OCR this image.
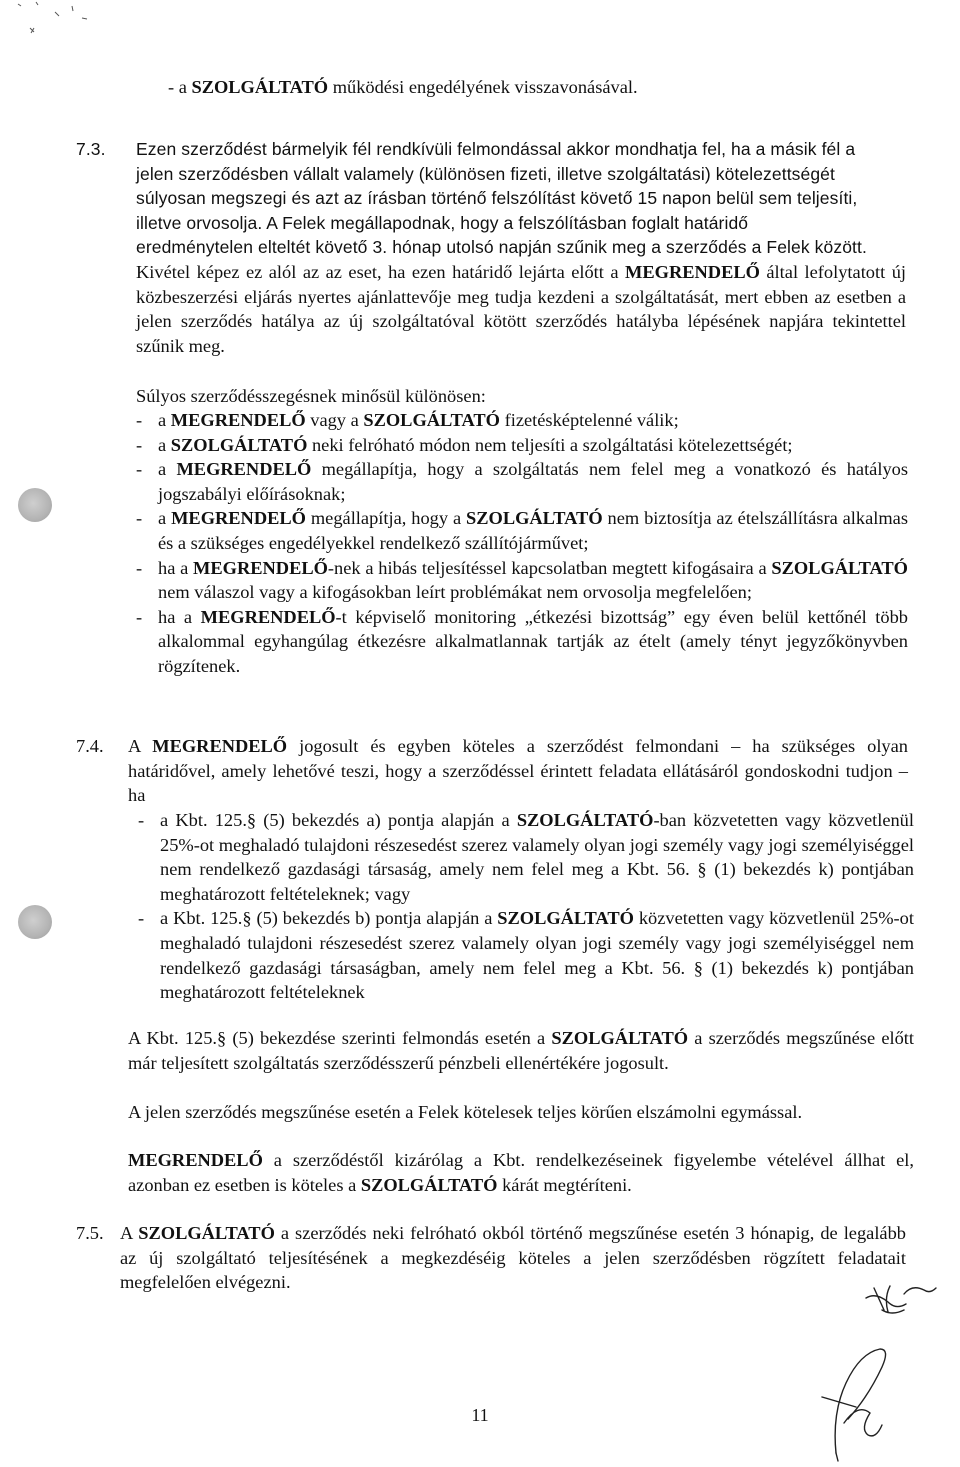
- a SZOLGÁLTATÓ működési engedélyének visszavonásával.
7.3. Ezen szerződést bármelyik fél rendkívüli felmondással akkor mondhatja fel, ha a másik fél a

jelen szerződésben vállalt valamely (különösen fizeti, illetve szolgáltatási) kötelezettségét

súlyosan megszegi és azt az írásban történő felszólítást követő 15 napon belül sem teljesíti,

illetve orvosolja. A Felek megállapodnak, hogy a felszólításban foglalt határidő

eredménytelen elteltét követő 3. hónap utolsó napján szűnik meg a szerződés a Felek között.

Kivétel képez ez alól az az eset, ha ezen határidő lejárta előtt a MEGRENDELŐ által lefolytatott új közbeszerzési eljárás nyertes ajánlattevője meg tudja kezdeni a szolgáltatását, mert ebben az esetben a jelen szerződés hatálya az új szolgáltatóval kötött szerződés hatályba lépésének napjára tekintettel szűnik meg.

Súlyos szerződésszegésnek minősül különösen:
- a MEGRENDELŐ vagy a SZOLGÁLTATÓ fizetésképtelenné válik;
- a SZOLGÁLTATÓ neki felróható módon nem teljesíti a szolgáltatási kötelezettségét;
- a MEGRENDELŐ megállapítja, hogy a szolgáltatás nem felel meg a vonatkozó és hatályos jogszabályi előírásoknak;
- a MEGRENDELŐ megállapítja, hogy a SZOLGÁLTATÓ nem biztosítja az ételszállításra alkalmas és a szükséges engedélyekkel rendelkező szállítójárművet;
- ha a MEGRENDELŐ-nek a hibás teljesítéssel kapcsolatban megtett kifogásaira a SZOLGÁLTATÓ nem válaszol vagy a kifogásokban leírt problémákat nem orvosolja megfelelően;
- ha a MEGRENDELŐ-t képviselő monitoring „étkezési bizottság” egy éven belül kettőnél több alkalommal egyhangúlag étkezésre alkalmatlannak tartják az ételt (amely tényt jegyzőkönyvben rögzítenek.
7.4. A MEGRENDELŐ jogosult és egyben köteles a szerződést felmondani – ha szükséges olyan határidővel, amely lehetővé teszi, hogy a szerződéssel érintett feladata ellátásáról gondoskodni tudjon – ha

- a Kbt. 125.§ (5) bekezdés a) pontja alapján a SZOLGÁLTATÓ-ban közvetetten vagy közvetlenül 25%-ot meghaladó tulajdoni részesedést szerez valamely olyan jogi személy vagy jogi személyiséggel nem rendelkező gazdasági társaság, amely nem felel meg a Kbt. 56. § (1) bekezdés k) pontjában meghatározott feltételeknek; vagy
- a Kbt. 125.§ (5) bekezdés b) pontja alapján a SZOLGÁLTATÓ közvetetten vagy közvetlenül 25%-ot meghaladó tulajdoni részesedést szerez valamely olyan jogi személy vagy jogi személyiséggel nem rendelkező gazdasági társaságban, amely nem felel meg a Kbt. 56. § (1) bekezdés k) pontjában meghatározott feltételeknek

A Kbt. 125.§ (5) bekezdése szerinti felmondás esetén a SZOLGÁLTATÓ a szerződés megszűnése előtt már teljesített szolgáltatás szerződésszerű pénzbeli ellenértékére jogosult.

A jelen szerződés megszűnése esetén a Felek kötelesek teljes körűen elszámolni egymással.

MEGRENDELŐ a szerződéstől kizárólag a Kbt. rendelkezéseinek figyelembe vételével állhat el, azonban ez esetben is köteles a SZOLGÁLTATÓ kárát megtéríteni.

7.5. A SZOLGÁLTATÓ a szerződés neki felróható okból történő megszűnése esetén 3 hónapig, de legalább az új szolgáltató teljesítésének a megkezdéséig köteles a jelen szerződésben rögzített feladatait megfelelően elvégezni.

11
